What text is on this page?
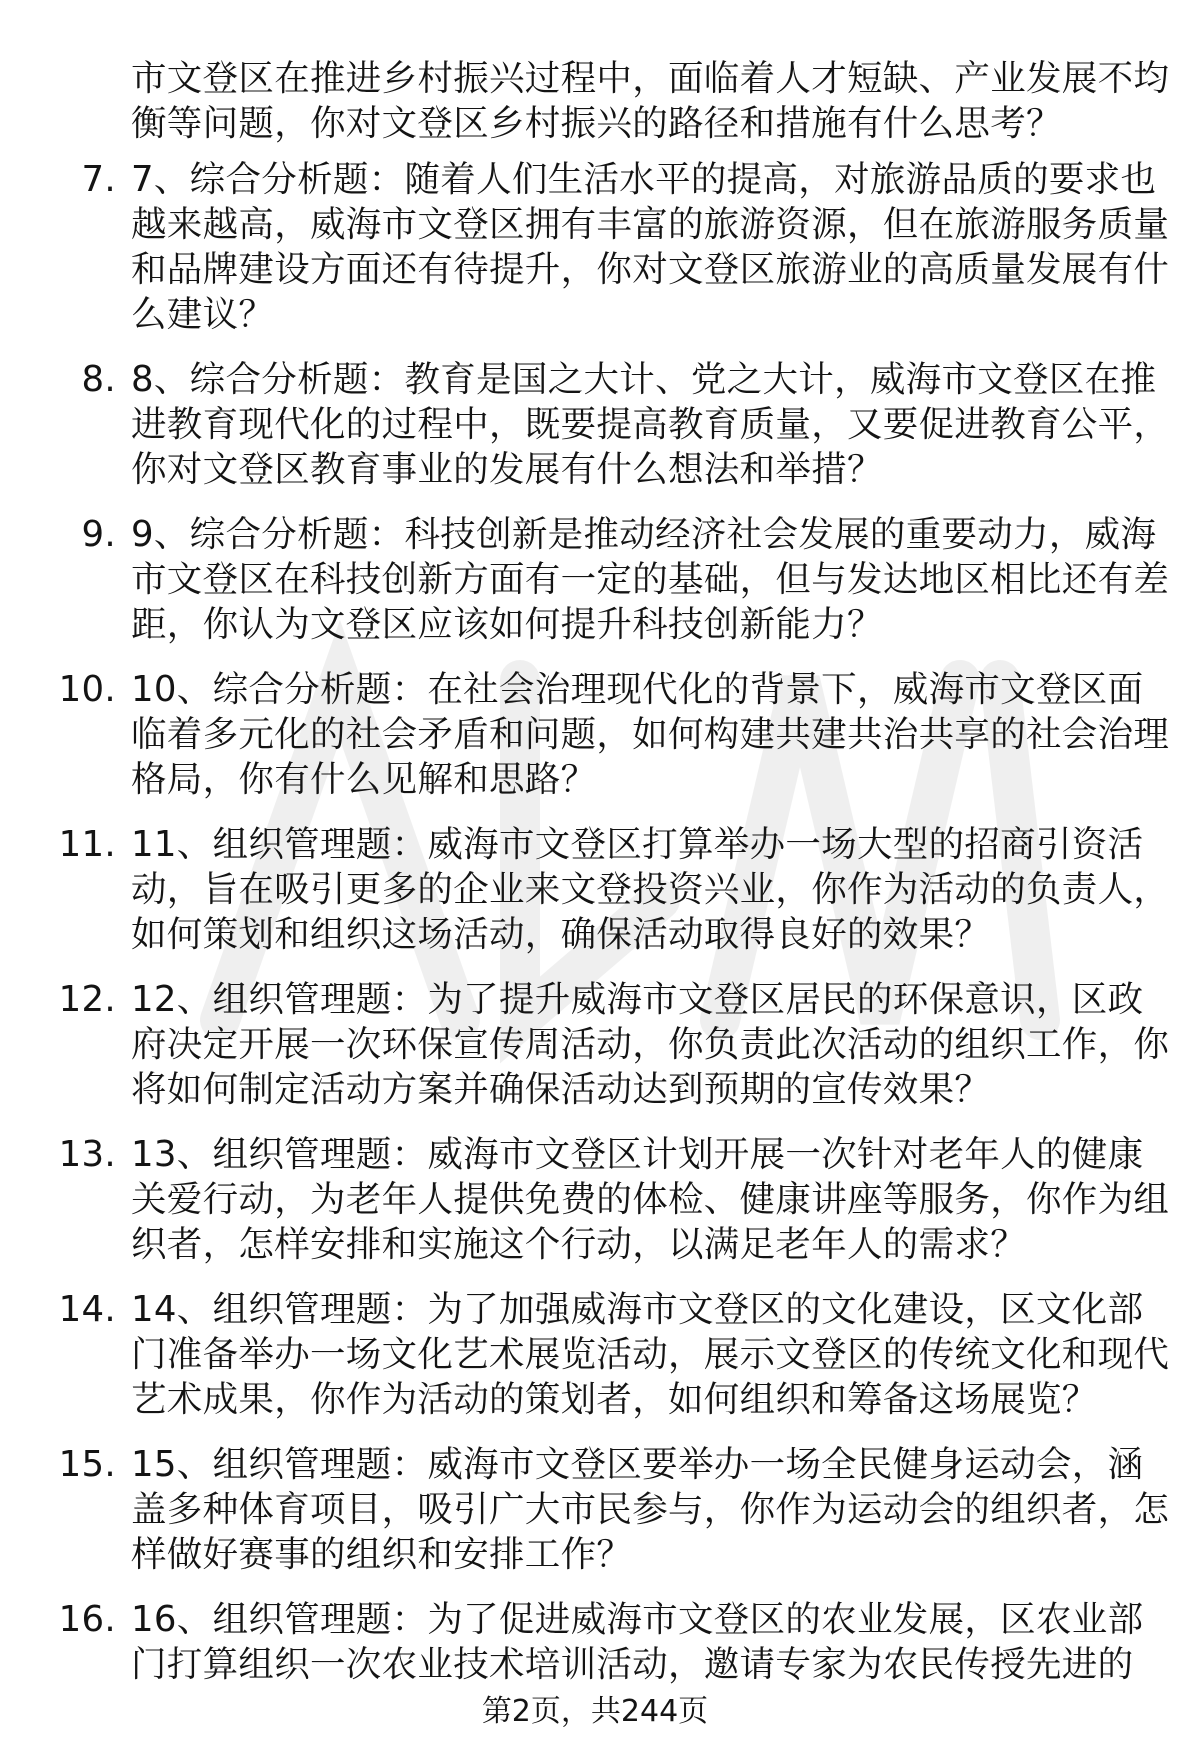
市文登区在推进乡村振兴过程中，面临着人才短缺、产业发展不均衡等问题，你对文登区乡村振兴的路径和措施有什么思考？
7. 7、综合分析题：随着人们生活水平的提高，对旅游品质的要求也越来越高，威海市文登区拥有丰富的旅游资源，但在旅游服务质量和品牌建设方面还有待提升，你对文登区旅游业的高质量发展有什么建议？
8. 8、综合分析题：教育是国之大计、党之大计，威海市文登区在推进教育现代化的过程中，既要提高教育质量，又要促进教育公平，你对文登区教育事业的发展有什么想法和举措？
9. 9、综合分析题：科技创新是推动经济社会发展的重要动力，威海市文登区在科技创新方面有一定的基础，但与发达地区相比还有差距，你认为文登区应该如何提升科技创新能力？
10. 10、综合分析题：在社会治理现代化的背景下，威海市文登区面临着多元化的社会矛盾和问题，如何构建共建共治共享的社会治理格局，你有什么见解和思路？
11. 11、组织管理题：威海市文登区打算举办一场大型的招商引资活动，旨在吸引更多的企业来文登投资兴业，你作为活动的负责人，如何策划和组织这场活动，确保活动取得良好的效果？
12. 12、组织管理题：为了提升威海市文登区居民的环保意识，区政府决定开展一次环保宣传周活动，你负责此次活动的组织工作，你将如何制定活动方案并确保活动达到预期的宣传效果？
13. 13、组织管理题：威海市文登区计划开展一次针对老年人的健康关爱行动，为老年人提供免费的体检、健康讲座等服务，你作为组织者，怎样安排和实施这个行动，以满足老年人的需求？
14. 14、组织管理题：为了加强威海市文登区的文化建设，区文化部门准备举办一场文化艺术展览活动，展示文登区的传统文化和现代艺术成果，你作为活动的策划者，如何组织和筹备这场展览？
15. 15、组织管理题：威海市文登区要举办一场全民健身运动会，涵盖多种体育项目，吸引广大市民参与，你作为运动会的组织者，怎样做好赛事的组织和安排工作？
16. 16、组织管理题：为了促进威海市文登区的农业发展，区农业部门打算组织一次农业技术培训活动，邀请专家为农民传授先进的
第2页，共244页
